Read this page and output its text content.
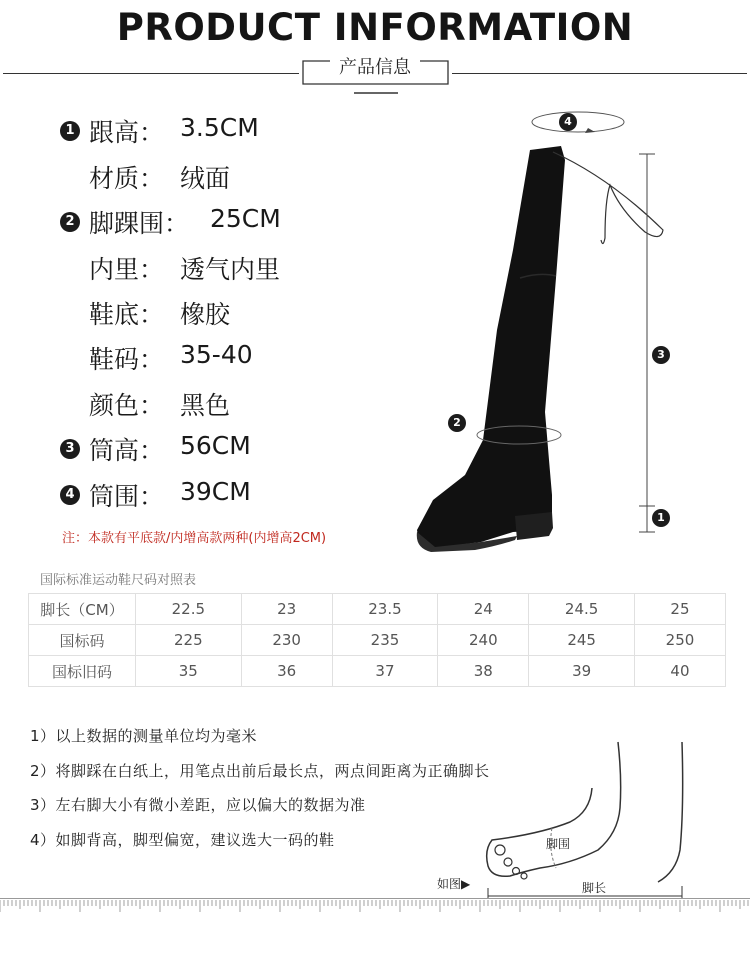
PRODUCT INFORMATION
产品信息
1 跟高： 3.5CM
材质： 绒面
2 脚踝围： 25CM
内里： 透气内里
鞋底： 橡胶
鞋码： 35-40
颜色： 黑色
3 筒高： 56CM
4 筒围： 39CM
注：本款有平底款/内增高款两种(内增高2CM)
4
3
2
1
国际标准运动鞋尺码对照表
脚长（CM）	22.5	23	23.5	24	24.5	25
国标码	225	230	235	240	245	250
国标旧码	35	36	37	38	39	40
1）以上数据的测量单位均为毫米
2）将脚踩在白纸上，用笔点出前后最长点，两点间距离为正确脚长
3）左右脚大小有微小差距，应以偏大的数据为准
4）如脚背高，脚型偏宽，建议选大一码的鞋	脚围
脚长
如图▶
